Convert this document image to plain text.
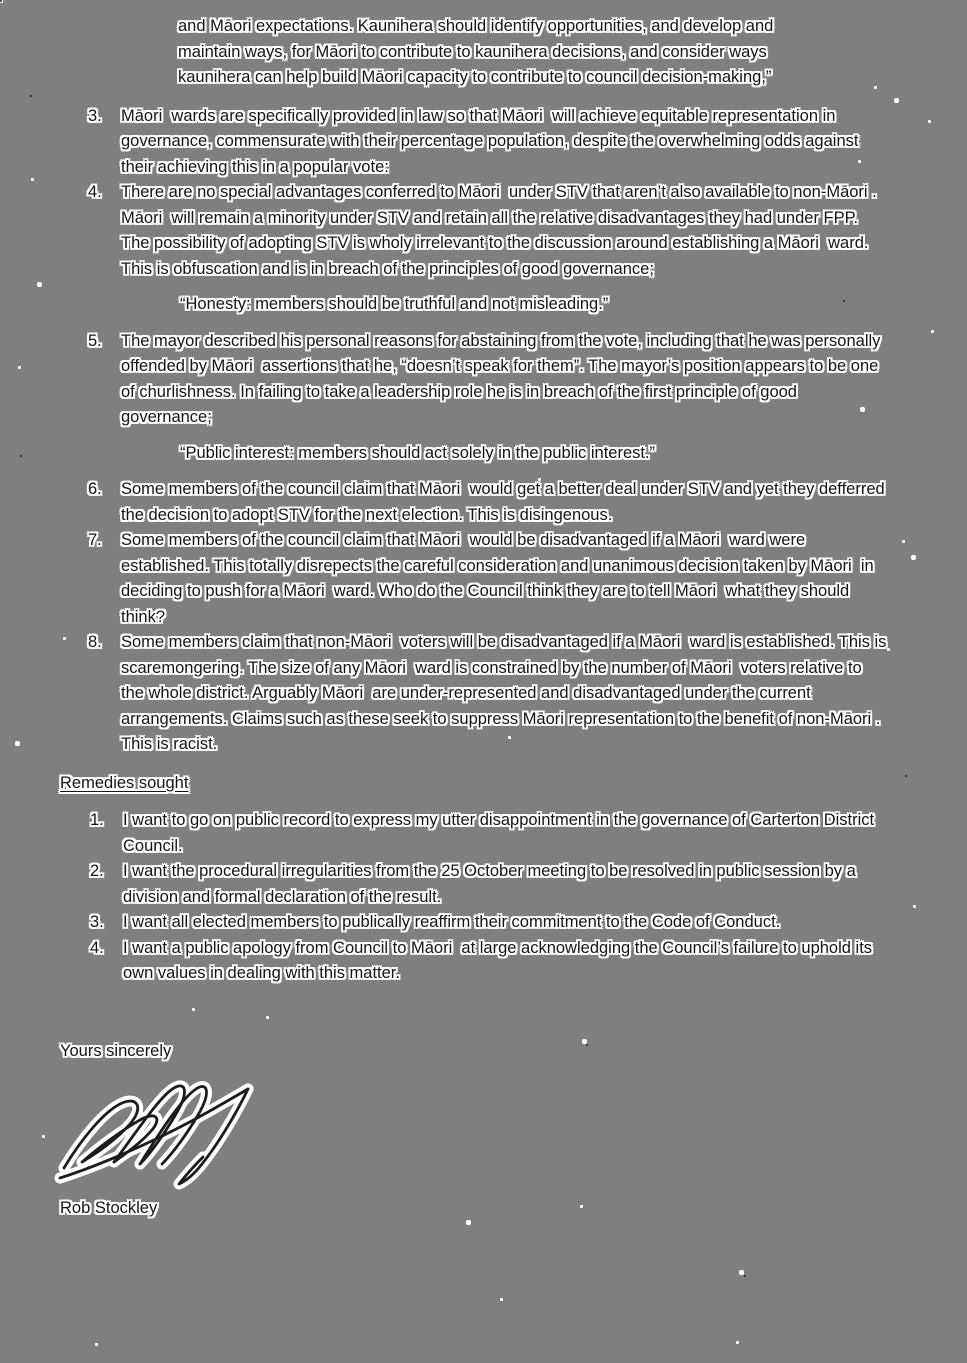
and Māori expectations. Kaunihera should identify opportunities, and develop and maintain ways, for Māori to contribute to kaunihera decisions, and consider ways kaunihera can help build Māori capacity to contribute to council decision-making,”
3.	Māori  wards are specifically provided in law so that Māori  will achieve equitable representation in governance, commensurate with their percentage population, despite the overwhelming odds against their achieving this in a popular vote:
4.	There are no special advantages conferred to Māori  under STV that aren’t also available to non-Māori . Māori  will remain a minority under STV and retain all the relative disadvantages they had under FPP. The possibility of adopting STV is wholy irrelevant to the discussion around establishing a Māori  ward. This is obfuscation and is in breach of the principles of good governance;
“Honesty: members should be truthful and not misleading.”
5.	The mayor described his personal reasons for abstaining from the vote, including that he was personally offended by Māori  assertions that he, “doesn’t speak for them”. The mayor’s position appears to be one of churlishness. In failing to take a leadership role he is in breach of the first principle of good governance;
“Public interest: members should act solely in the public interest.”
6.	Some members of the council claim that Māori  would get a better deal under STV and yet they defferred the decision to adopt STV for the next election. This is disingenous.
7.	Some members of the council claim that Māori  would be disadvantaged if a Māori  ward were established. This totally disrepects the careful consideration and unanimous decision taken by Māori  in deciding to push for a Māori  ward. Who do the Council think they are to tell Māori  what they should think?
8.	Some members claim that non-Māori  voters will be disadvantaged if a Māori  ward is established. This is scaremongering. The size of any Māori  ward is constrained by the number of Māori  voters relative to the whole district. Arguably Māori  are under-represented and disadvantaged under the current arrangements. Claims such as these seek to suppress Māori representation to the benefit of non-Māori . This is racist.
Remedies sought
1.	I want to go on public record to express my utter disappointment in the governance of Carterton District Council.
2.	I want the procedural irregularities from the 25 October meeting to be resolved in public session by a division and formal declaration of the result.
3.	I want all elected members to publically reaffirm their commitment to the Code of Conduct.
4.	I want a public apology from Council to Māori  at large acknowledging the Council’s failure to uphold its own values in dealing with this matter.
Yours sincerely
Rob Stockley
